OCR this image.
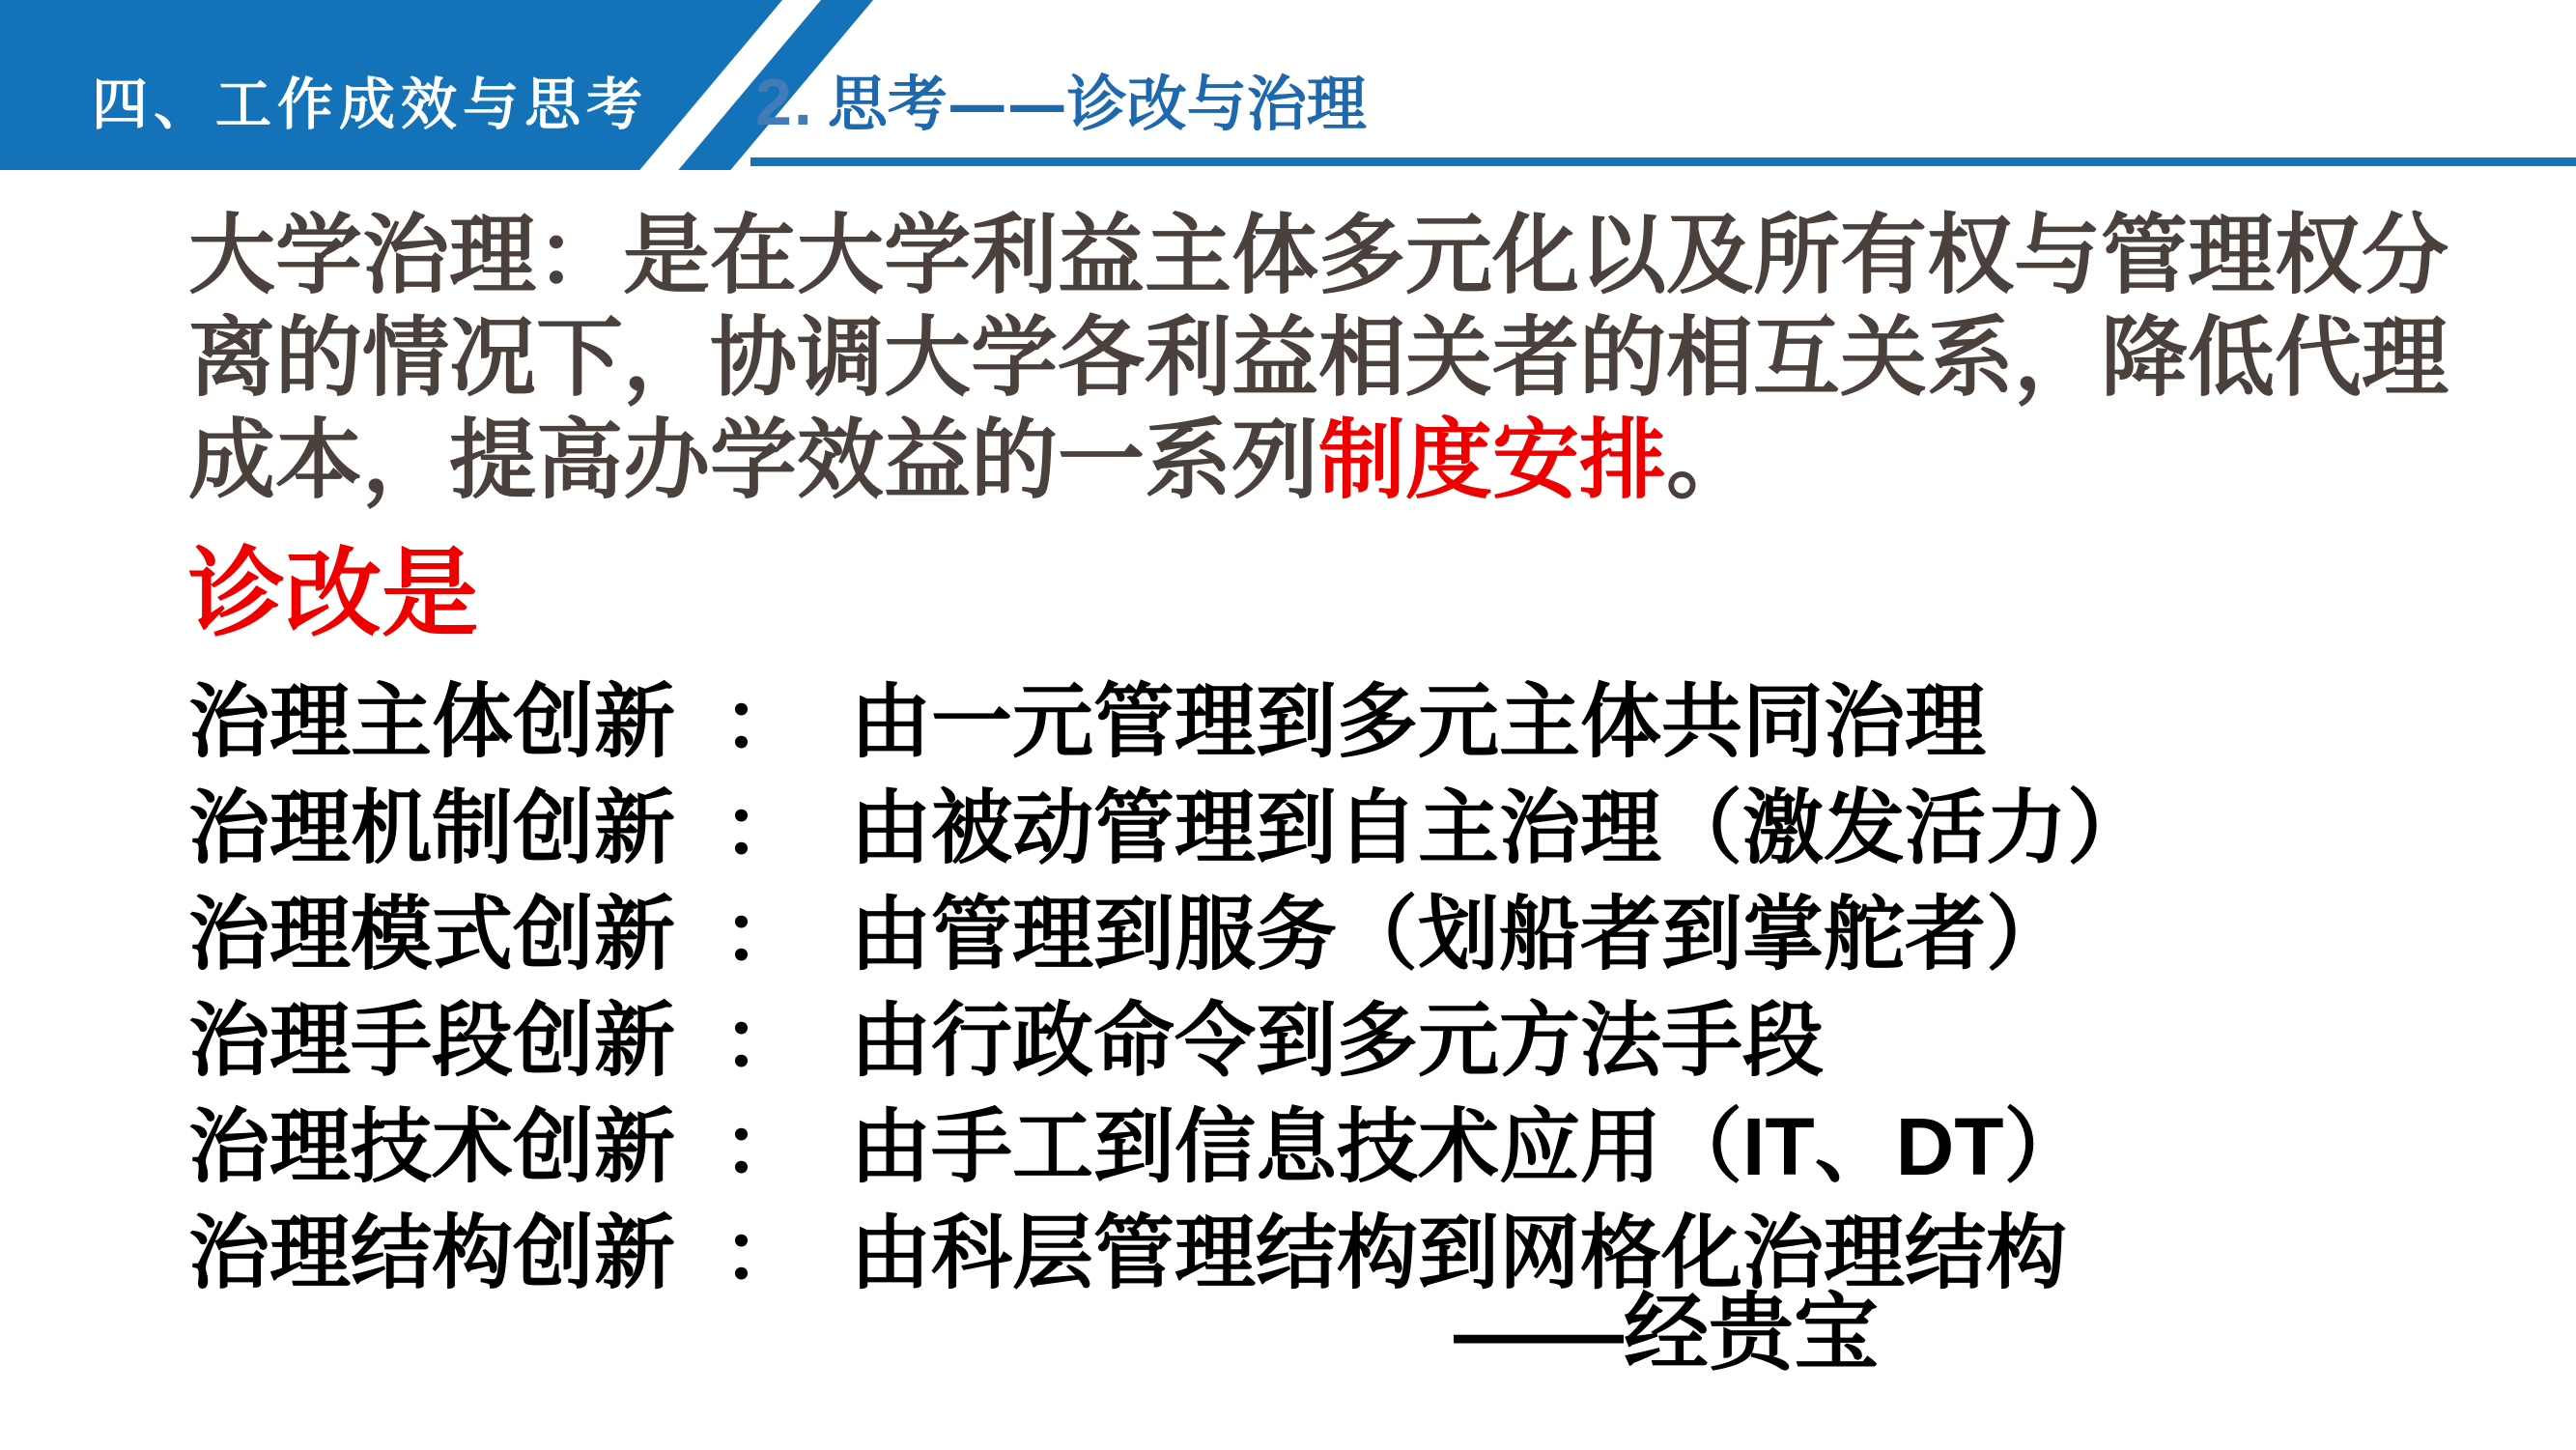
四、工作成效与思考	2. 思考——诊改与治理
大学治理：是在大学利益主体多元化以及所有权与管理权分
离的情况下，协调大学各利益相关者的相互关系，降低代理
成本，提高办学效益的一系列制度安排。
诊改是
治理主体创新 ： 由一元管理到多元主体共同治理
治理机制创新 ： 由被动管理到自主治理（激发活力）
治理模式创新 ： 由管理到服务（划船者到掌舵者）
治理手段创新 ： 由行政命令到多元方法手段
治理技术创新 ： 由手工到信息技术应用（IT、DT）
治理结构创新 ： 由科层管理结构到网格化治理结构
——经贵宝
